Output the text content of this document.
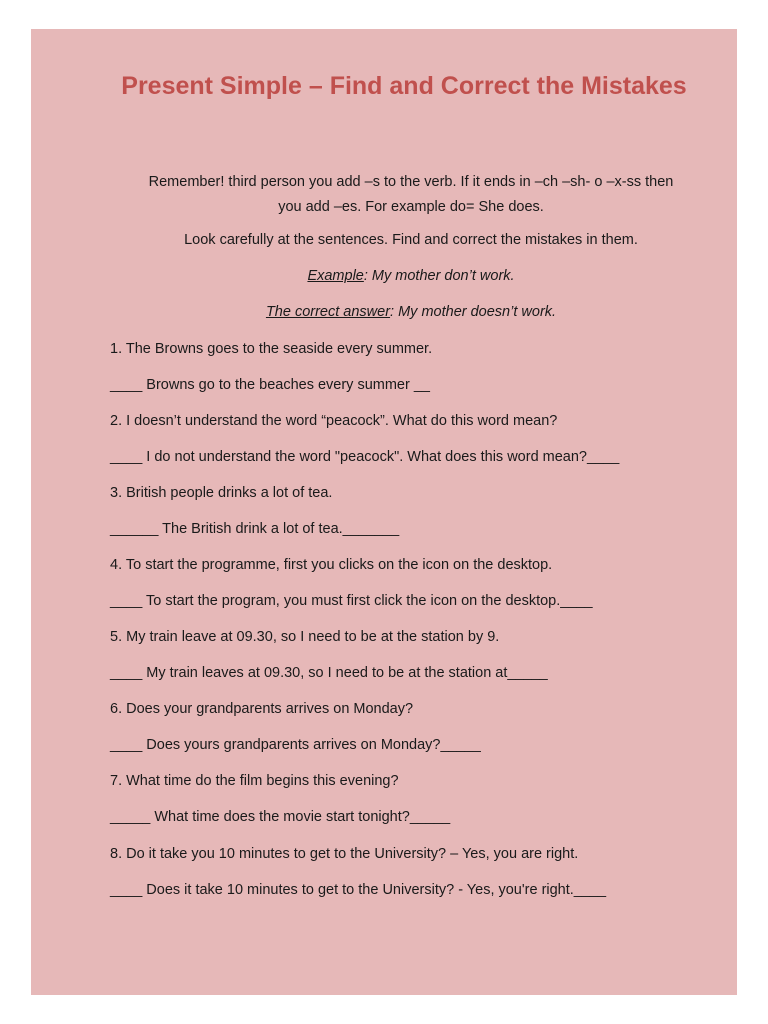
Present Simple – Find and Correct the Mistakes
Remember! third person you add –s to the verb. If it ends in –ch –sh- o –x-ss then
you add –es. For example do= She does.
Look carefully at the sentences. Find and correct the mistakes in them.
Example: My mother don’t work.
The correct answer: My mother doesn’t work.
1. The Browns goes to the seaside every summer.
____ Browns go to the beaches every summer __
2. I doesn’t understand the word “peacock”. What do this word mean?
____ I do not understand the word "peacock". What does this word mean?____
3. British people drinks a lot of tea.
______ The British drink a lot of tea._______
4. To start the programme, first you clicks on the icon on the desktop.
____ To start the program, you must first click the icon on the desktop.____
5. My train leave at 09.30, so I need to be at the station by 9.
____ My train leaves at 09.30, so I need to be at the station at_____
6. Does your grandparents arrives on Monday?
____ Does yours grandparents arrives on Monday?_____
7. What time do the film begins this evening?
_____ What time does the movie start tonight?_____
8. Do it take you 10 minutes to get to the University? – Yes, you are right.
____ Does it take 10 minutes to get to the University? - Yes, you're right.____
